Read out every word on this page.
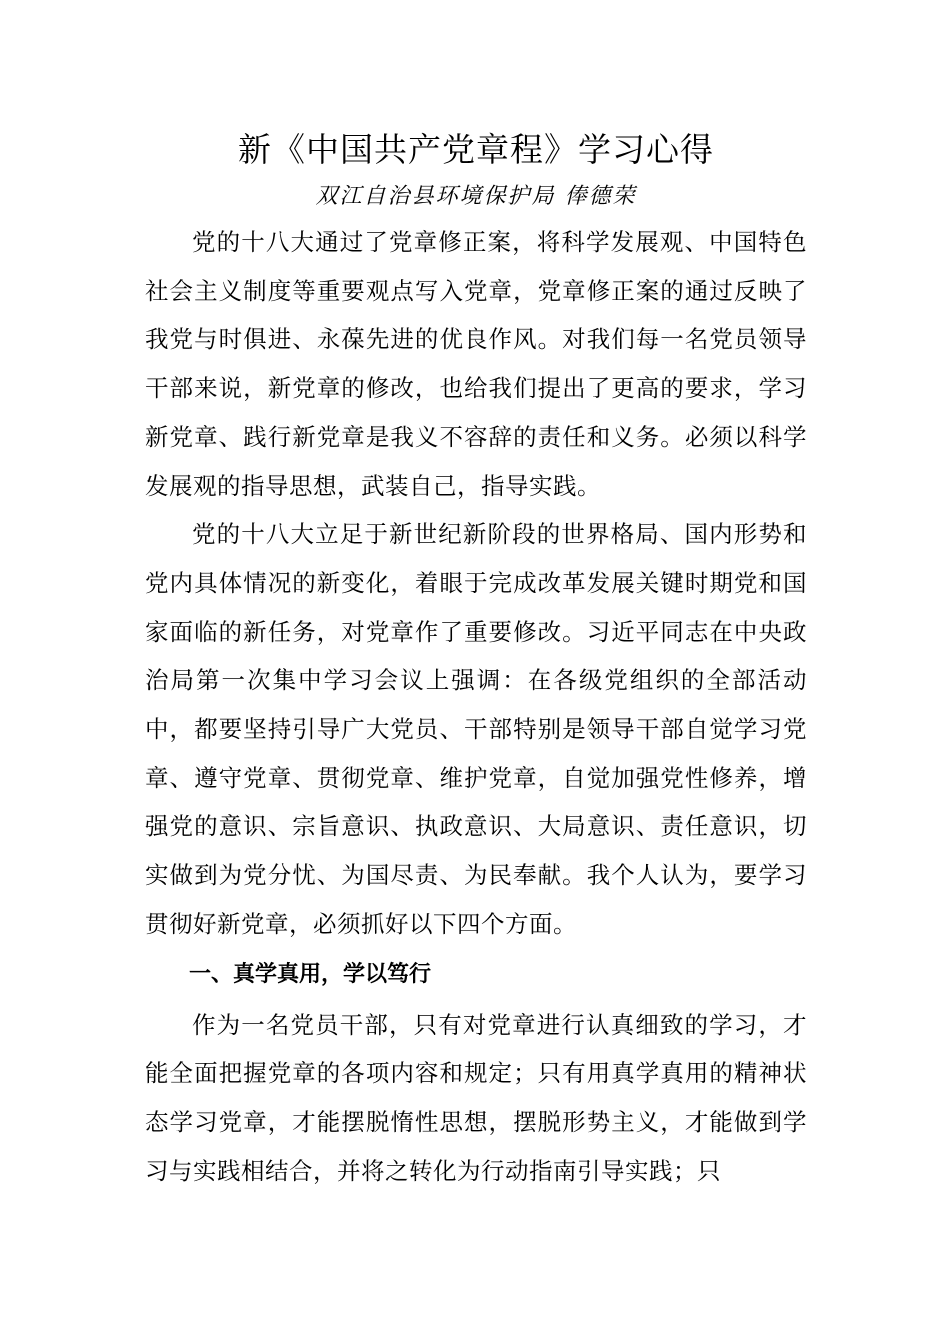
新《中国共产党章程》学习心得
双江自治县环境保护局 俸德荣

党的十八大通过了党章修正案，将科学发展观、中国特色社会主义制度等重要观点写入党章，党章修正案的通过反映了我党与时俱进、永葆先进的优良作风。对我们每一名党员领导干部来说，新党章的修改，也给我们提出了更高的要求，学习新党章、践行新党章是我义不容辞的责任和义务。必须以科学发展观的指导思想，武装自己，指导实践。

党的十八大立足于新世纪新阶段的世界格局、国内形势和党内具体情况的新变化，着眼于完成改革发展关键时期党和国家面临的新任务，对党章作了重要修改。习近平同志在中央政治局第一次集中学习会议上强调：在各级党组织的全部活动中，都要坚持引导广大党员、干部特别是领导干部自觉学习党章、遵守党章、贯彻党章、维护党章，自觉加强党性修养，增强党的意识、宗旨意识、执政意识、大局意识、责任意识，切实做到为党分忧、为国尽责、为民奉献。我个人认为，要学习贯彻好新党章，必须抓好以下四个方面。

一、真学真用，学以笃行

作为一名党员干部，只有对党章进行认真细致的学习，才能全面把握党章的各项内容和规定；只有用真学真用的精神状态学习党章，才能摆脱惰性思想，摆脱形势主义，才能做到学习与实践相结合，并将之转化为行动指南引导实践；只
